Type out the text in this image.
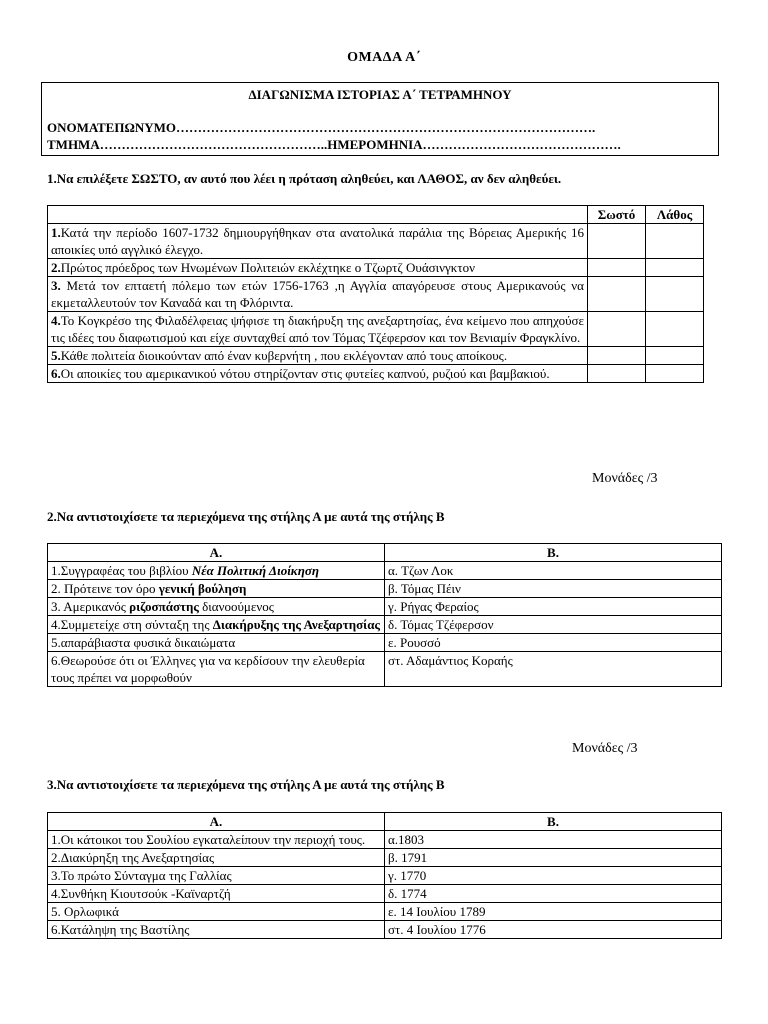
ΟΜΑΔΑ Α΄
ΔΙΑΓΩΝΙΣΜΑ ΙΣΤΟΡΙΑΣ Α΄ ΤΕΤΡΑΜΗΝΟΥ
ΟΝΟΜΑΤΕΠΩΝΥΜΟ…………………………………………………………………………………….
ΤΜΗΜΑ……………………………………………..ΗΜΕΡΟΜΗΝΙΑ……………………………………….
1.Να επιλέξετε ΣΩΣΤΟ, αν αυτό που λέει η πρόταση αληθεύει, και ΛΑΘΟΣ, αν δεν αληθεύει.
	Σωστό	Λάθος
1.Κατά την περίοδο 1607-1732 δημιουργήθηκαν στα ανατολικά παράλια της Βόρειας Αμερικής 16 αποικίες υπό αγγλικό έλεγχο.		
2.Πρώτος πρόεδρος των Ηνωμένων Πολιτειών εκλέχτηκε ο Τζωρτζ Ουάσινγκτον		
3. Μετά τον επταετή πόλεμο των ετών 1756-1763 ,η Αγγλία απαγόρευσε στους Αμερικανούς να εκμεταλλευτούν τον Καναδά και τη Φλόριντα.		
4.Το Κογκρέσο της Φιλαδέλφειας ψήφισε τη διακήρυξη της ανεξαρτησίας, ένα κείμενο που απηχούσε τις ιδέες του διαφωτισμού και είχε συνταχθεί από τον Τόμας Τζέφερσον και τον Βενιαμίν Φραγκλίνο.		
5.Κάθε πολιτεία διοικούνταν από έναν κυβερνήτη , που εκλέγονταν από τους αποίκους.		
6.Οι αποικίες του αμερικανικού νότου στηρίζονταν στις φυτείες καπνού, ρυζιού και βαμβακιού.		
Μονάδες /3
2.Να αντιστοιχίσετε τα περιεχόμενα της στήλης Α με αυτά της στήλης Β
Α.	Β.
1.Συγγραφέας του βιβλίου Νέα Πολιτική Διοίκηση	α. Τζων Λοκ
2. Πρότεινε τον όρο γενική βούληση	β. Τόμας Πέιν
3. Αμερικανός ριζοσπάστης διανοούμενος	γ. Ρήγας Φεραίος
4.Συμμετείχε στη σύνταξη της Διακήρυξης της Ανεξαρτησίας	δ. Τόμας Τζέφερσον
5.απαράβιαστα φυσικά δικαιώματα	ε. Ρουσσό
6.Θεωρούσε ότι οι Έλληνες για να κερδίσουν την ελευθερία τους πρέπει να μορφωθούν	στ. Αδαμάντιος Κοραής
Μονάδες /3
3.Να αντιστοιχίσετε τα περιεχόμενα της στήλης Α με αυτά της στήλης Β
Α.	Β.
1.Οι κάτοικοι του Σουλίου εγκαταλείπουν την περιοχή τους.	α.1803
2.Διακύρηξη της Ανεξαρτησίας	β. 1791
3.Το πρώτο Σύνταγμα της Γαλλίας	γ. 1770
4.Συνθήκη Κιουτσούκ -Καϊναρτζή	δ. 1774
5. Ορλωφικά	ε. 14 Ιουλίου 1789
6.Κατάληψη της Βαστίλης	στ. 4 Ιουλίου 1776
